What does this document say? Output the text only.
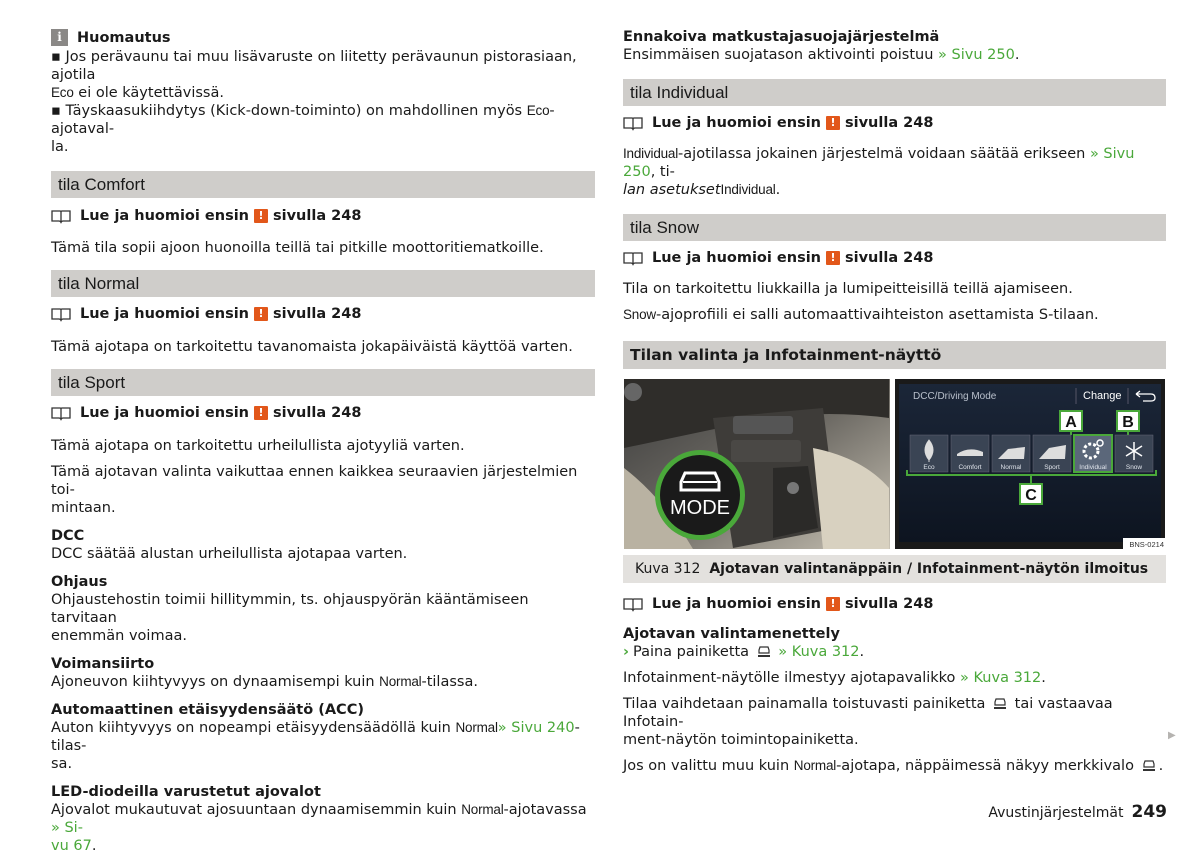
i	Huomautus

▪ Jos perävaunu tai muu lisävaruste on liitetty perävaunun pistorasiaan, ajotila
Eco ei ole käytettävissä.

▪ Täyskaasukiihdytys (Kick-down-toiminto) on mahdollinen myös Eco-ajotaval-
la.

tila Comfort
Lue ja huomioi ensin ! sivulla 248

Tämä tila sopii ajoon huonoilla teillä tai pitkille moottoritiematkoille.

tila Normal
Lue ja huomioi ensin ! sivulla 248

Tämä ajotapa on tarkoitettu tavanomaista jokapäiväistä käyttöä varten.

tila Sport
Lue ja huomioi ensin ! sivulla 248

Tämä ajotapa on tarkoitettu urheilullista ajotyyliä varten.

Tämä ajotavan valinta vaikuttaa ennen kaikkea seuraavien järjestelmien toi-
mintaan.

DCC

DCC säätää alustan urheilullista ajotapaa varten.

Ohjaus

Ohjaustehostin toimii hillitymmin, ts. ohjauspyörän kääntämiseen tarvitaan
enemmän voimaa.

Voimansiirto

Ajoneuvon kiihtyvyys on dynaamisempi kuin Normal-tilassa.

Automaattinen etäisyydensäätö (ACC)

Auton kiihtyvyys on nopeampi etäisyydensäädöllä kuin Normal» Sivu 240-tilas-
sa.

LED-diodeilla varustetut ajovalot

Ajovalot mukautuvat ajosuuntaan dynaamisemmin kuin Normal-ajotavassa » Si-
vu 67.

Ennakoiva matkustajasuojajärjestelmä

Ensimmäisen suojatason aktivointi poistuu » Sivu 250.

tila Individual
Lue ja huomioi ensin ! sivulla 248

Individual-ajotilassa jokainen järjestelmä voidaan säätää erikseen » Sivu 250, ti-
lan asetuksetIndividual.

tila Snow
Lue ja huomioi ensin ! sivulla 248

Tila on tarkoitettu liukkailla ja lumipeitteisillä teillä ajamiseen.

Snow-ajoprofiili ei salli automaattivaihteiston asettamista S-tilaan.

Tilan valinta ja Infotainment-näyttö
MODE
DCC/Driving Mode	Change
A	B
Eco	Comfort	Normal	Sport	Individual	Snow
C
BNS-0214
Kuva 312 Ajotavan valintanäppäin / Infotainment-näytön ilmoitus
Lue ja huomioi ensin ! sivulla 248

Ajotavan valintamenettely

› Paina painiketta » Kuva 312.

Infotainment-näytölle ilmestyy ajotapavalikko » Kuva 312.

Tilaa vaihdetaan painamalla toistuvasti painiketta tai vastaavaa Infotain-
ment-näytön toimintopainiketta.

Jos on valittu muu kuin Normal-ajotapa, näppäimessä näkyy merkkivalo .

▶
Avustinjärjestelmät 249
